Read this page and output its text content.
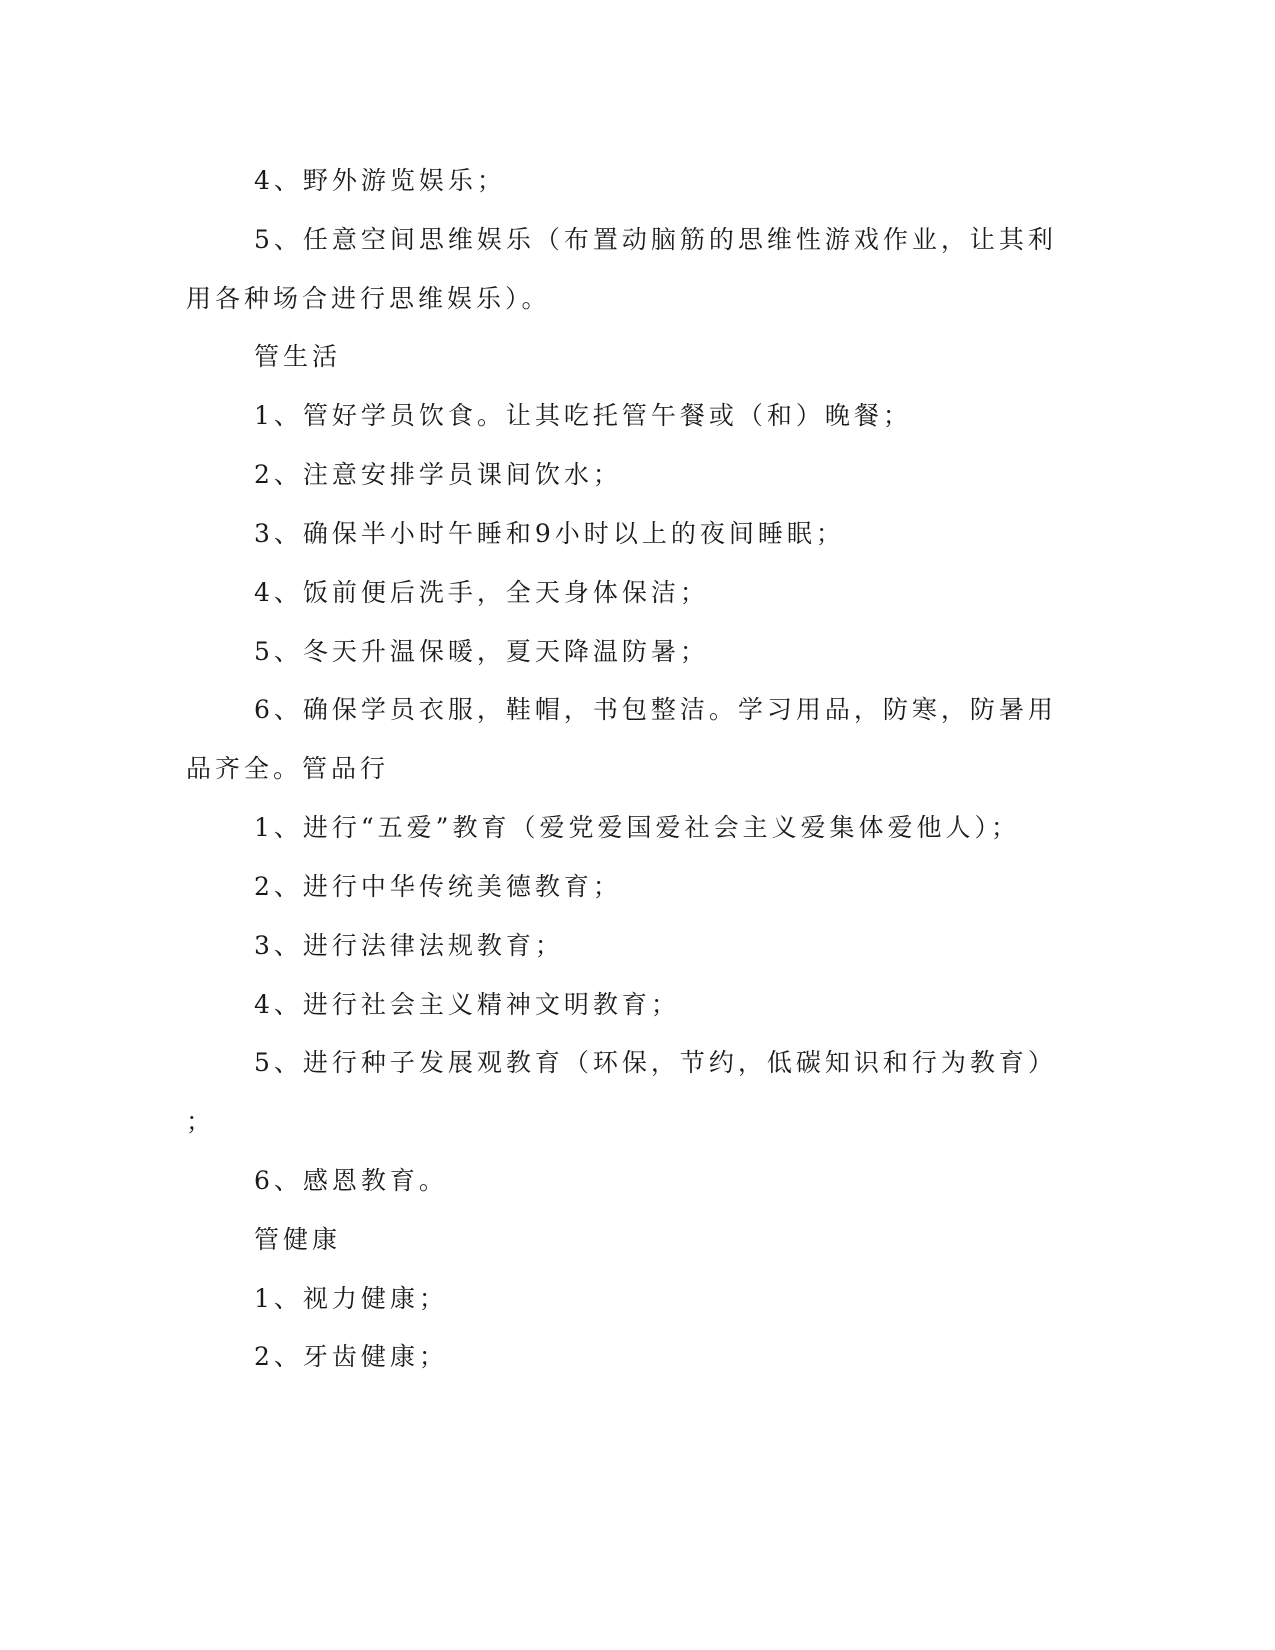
4、野外游览娱乐；
5、任意空间思维娱乐（布置动脑筋的思维性游戏作业，让其利
用各种场合进行思维娱乐）。
管生活
1、管好学员饮食。让其吃托管午餐或（和）晚餐；
2、注意安排学员课间饮水；
3、确保半小时午睡和9小时以上的夜间睡眠；
4、饭前便后洗手，全天身体保洁；
5、冬天升温保暖，夏天降温防暑；
6、确保学员衣服，鞋帽，书包整洁。学习用品，防寒，防暑用
品齐全。管品行
1、进行“五爱”教育（爱党爱国爱社会主义爱集体爱他人）；
2、进行中华传统美德教育；
3、进行法律法规教育；
4、进行社会主义精神文明教育；
5、进行种子发展观教育（环保，节约，低碳知识和行为教育）
；
6、感恩教育。
管健康
1、视力健康；
2、牙齿健康；
